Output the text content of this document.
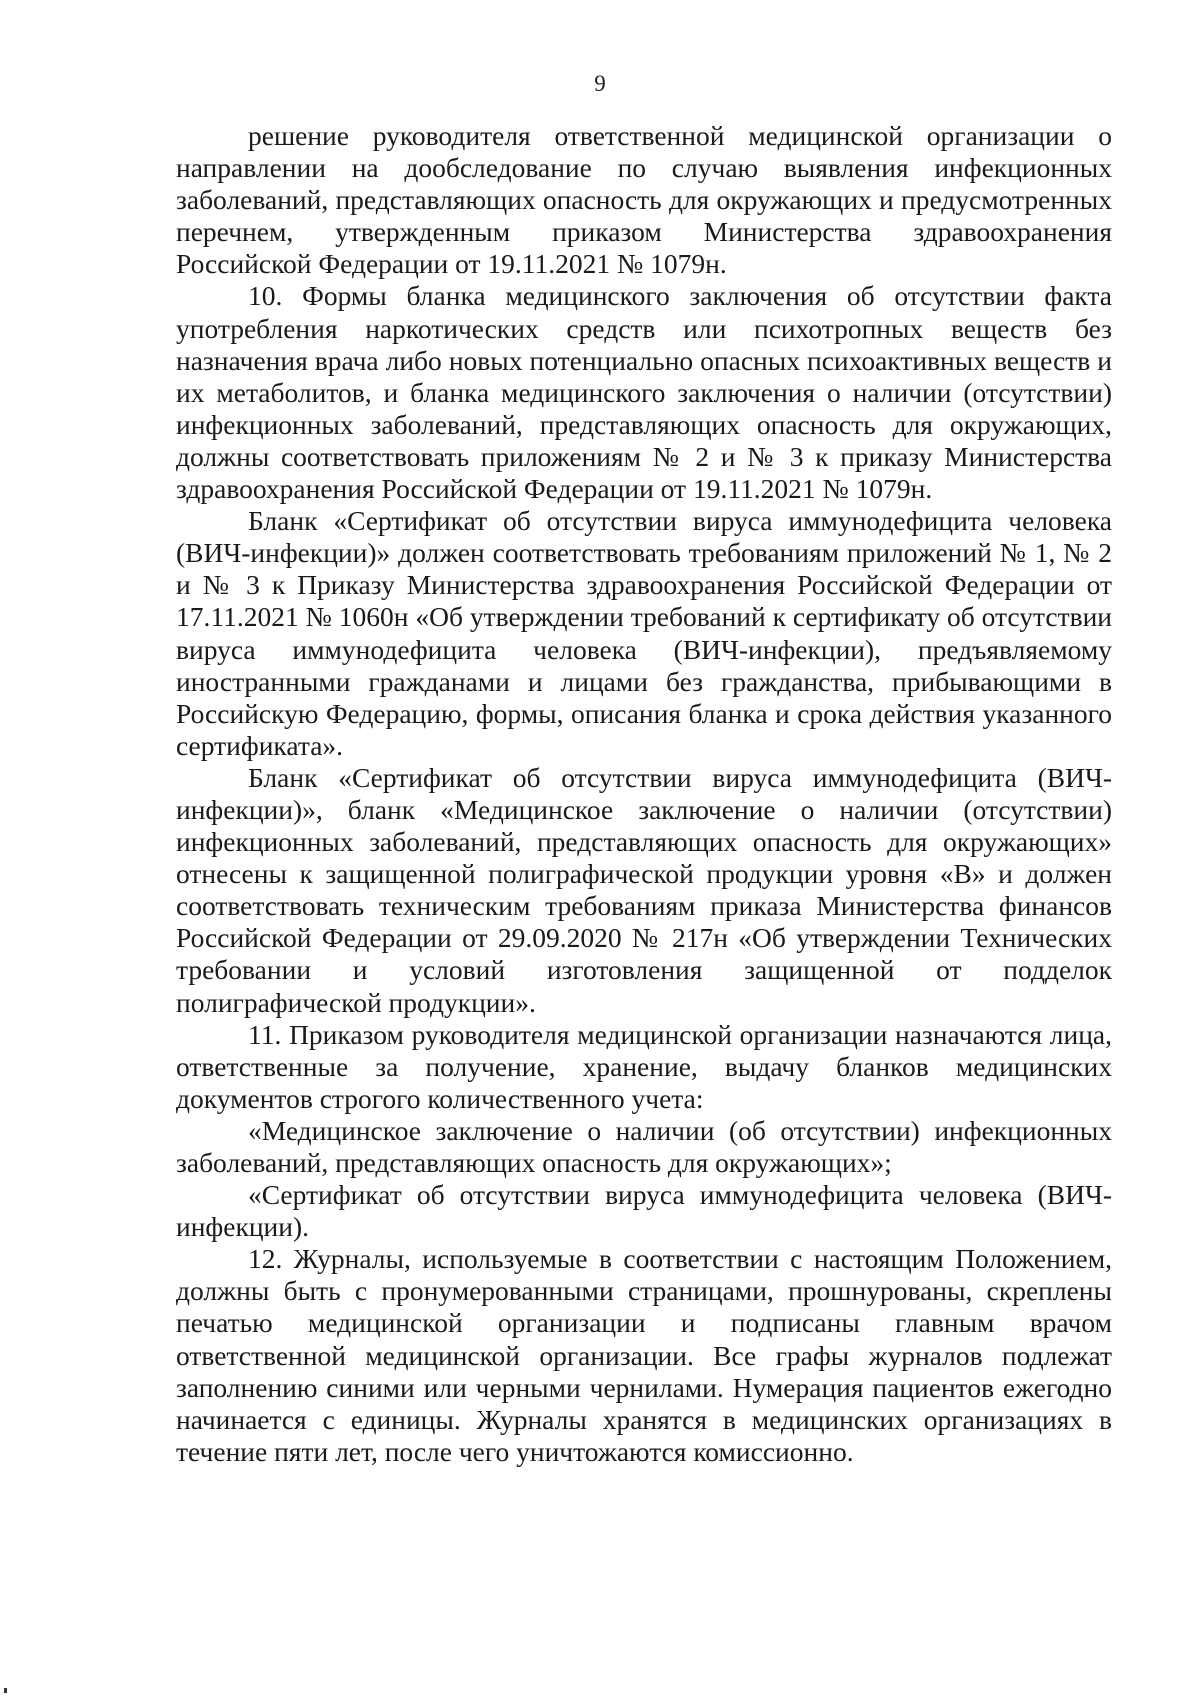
9

решение руководителя ответственной медицинской организации о направлении на дообследование по случаю выявления инфекционных заболеваний, представляющих опасность для окружающих и предусмотренных перечнем, утвержденным приказом Министерства здравоохранения Российской Федерации от 19.11.2021 № 1079н.

10. Формы бланка медицинского заключения об отсутствии факта употребления наркотических средств или психотропных веществ без назначения врача либо новых потенциально опасных психоактивных веществ и их метаболитов, и бланка медицинского заключения о наличии (отсутствии) инфекционных заболеваний, представляющих опасность для окружающих, должны соответствовать приложениям № 2 и № 3 к приказу Министерства здравоохранения Российской Федерации от 19.11.2021 № 1079н.

Бланк «Сертификат об отсутствии вируса иммунодефицита человека (ВИЧ-инфекции)» должен соответствовать требованиям приложений № 1, № 2 и № 3 к Приказу Министерства здравоохранения Российской Федерации от 17.11.2021 № 1060н «Об утверждении требований к сертификату об отсутствии вируса иммунодефицита человека (ВИЧ-инфекции), предъявляемому иностранными гражданами и лицами без гражданства, прибывающими в Российскую Федерацию, формы, описания бланка и срока действия указанного сертификата».

Бланк «Сертификат об отсутствии вируса иммунодефицита (ВИЧ-инфекции)», бланк «Медицинское заключение о наличии (отсутствии) инфекционных заболеваний, представляющих опасность для окружающих» отнесены к защищенной полиграфической продукции уровня «В» и должен соответствовать техническим требованиям приказа Министерства финансов Российской Федерации от 29.09.2020 № 217н «Об утверждении Технических требовании и условий изготовления защищенной от подделок полиграфической продукции».

11. Приказом руководителя медицинской организации назначаются лица, ответственные за получение, хранение, выдачу бланков медицинских документов строгого количественного учета:

«Медицинское заключение о наличии (об отсутствии) инфекционных заболеваний, представляющих опасность для окружающих»;

«Сертификат об отсутствии вируса иммунодефицита человека (ВИЧ-инфекции).

12. Журналы, используемые в соответствии с настоящим Положением, должны быть с пронумерованными страницами, прошнурованы, скреплены печатью медицинской организации и подписаны главным врачом ответственной медицинской организации. Все графы журналов подлежат заполнению синими или черными чернилами. Нумерация пациентов ежегодно начинается с единицы. Журналы хранятся в медицинских организациях в течение пяти лет, после чего уничтожаются комиссионно.
